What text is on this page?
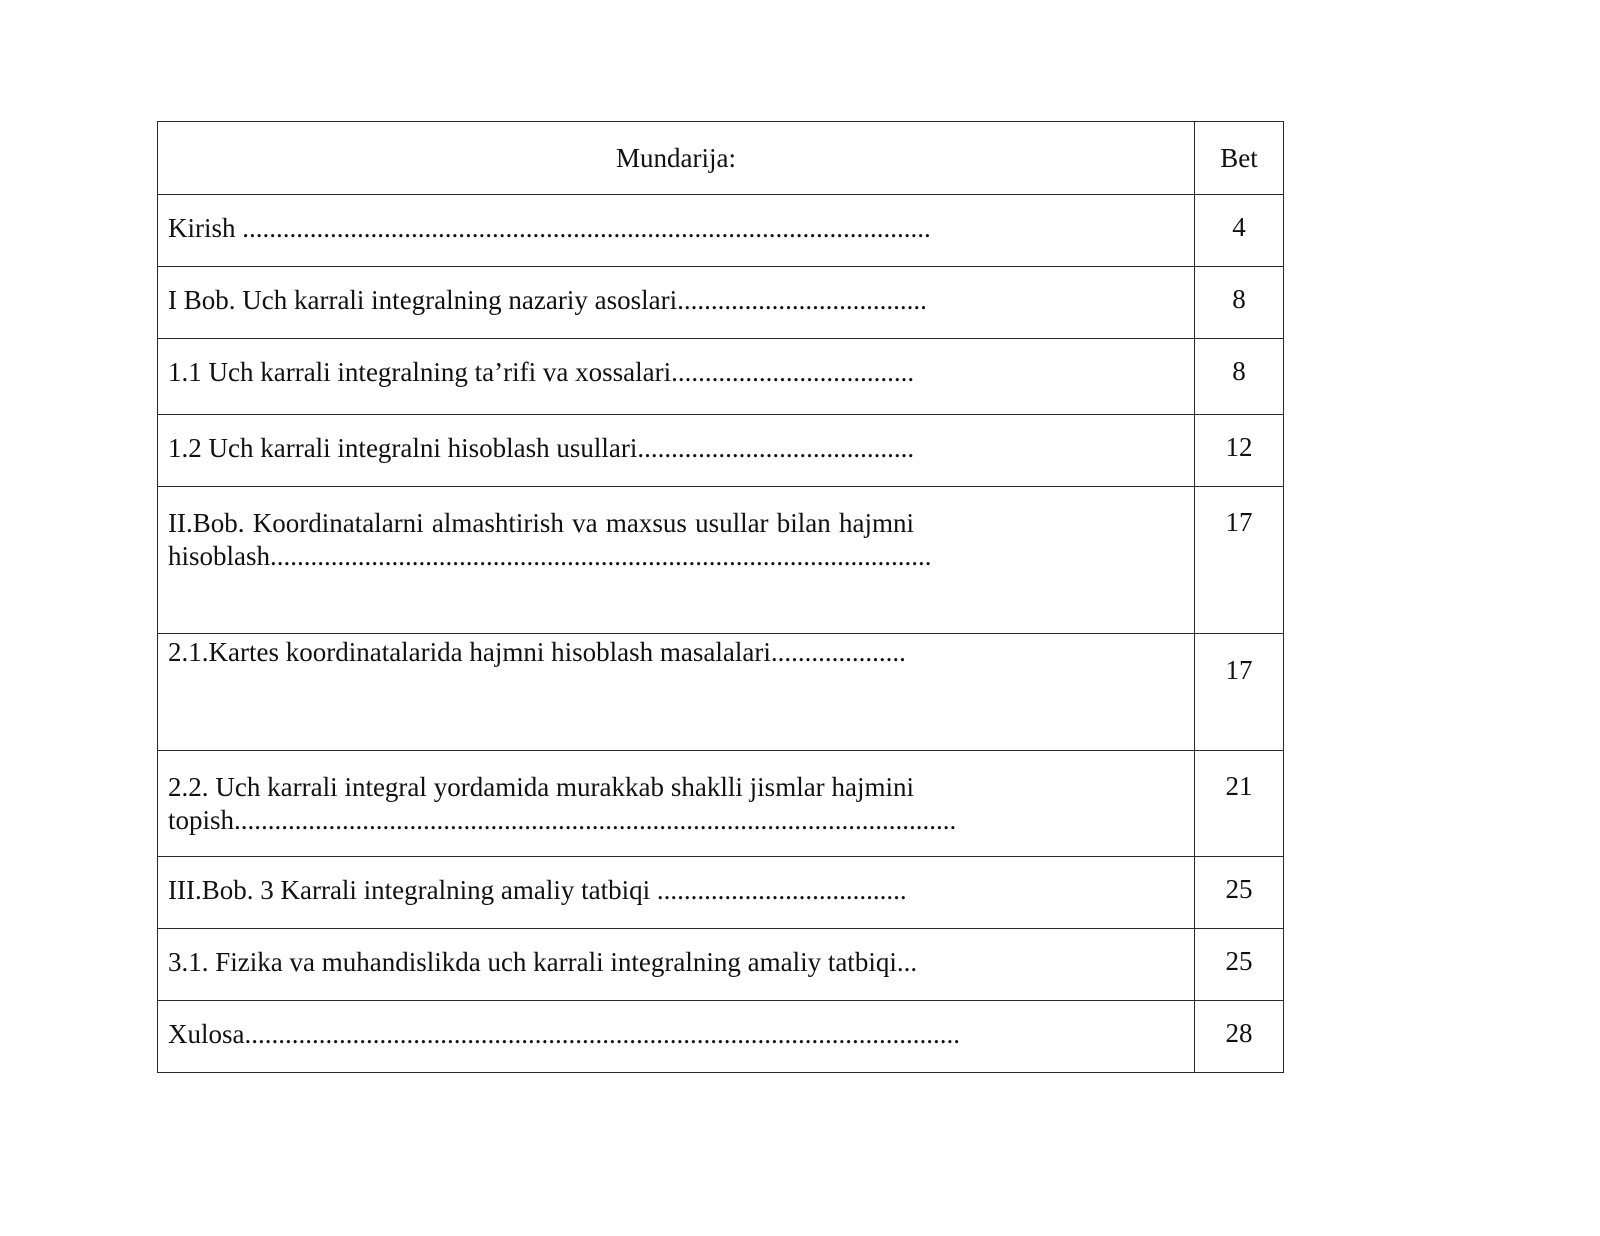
Mundarija:	Bet
Kirish ......................................................................................................	4
I Bob. Uch karrali integralning nazariy asoslari.....................................	8
1.1 Uch karrali integralning ta’rifi va xossalari....................................	8
1.2 Uch karrali integralni hisoblash usullari.........................................	12
II.Bob. Koordinatalarni almashtirish va maxsus usullar bilan hajmni hisoblash..................................................................................................	17
2.1.Kartes koordinatalarida hajmni hisoblash masalalari....................	17
2.2. Uch karrali integral yordamida murakkab shaklli jismlar hajmini topish...........................................................................................................	21
III.Bob. 3 Karrali integralning amaliy tatbiqi .....................................	25
3.1. Fizika va muhandislikda uch karrali integralning amaliy tatbiqi...	25
Xulosa..........................................................................................................	28
